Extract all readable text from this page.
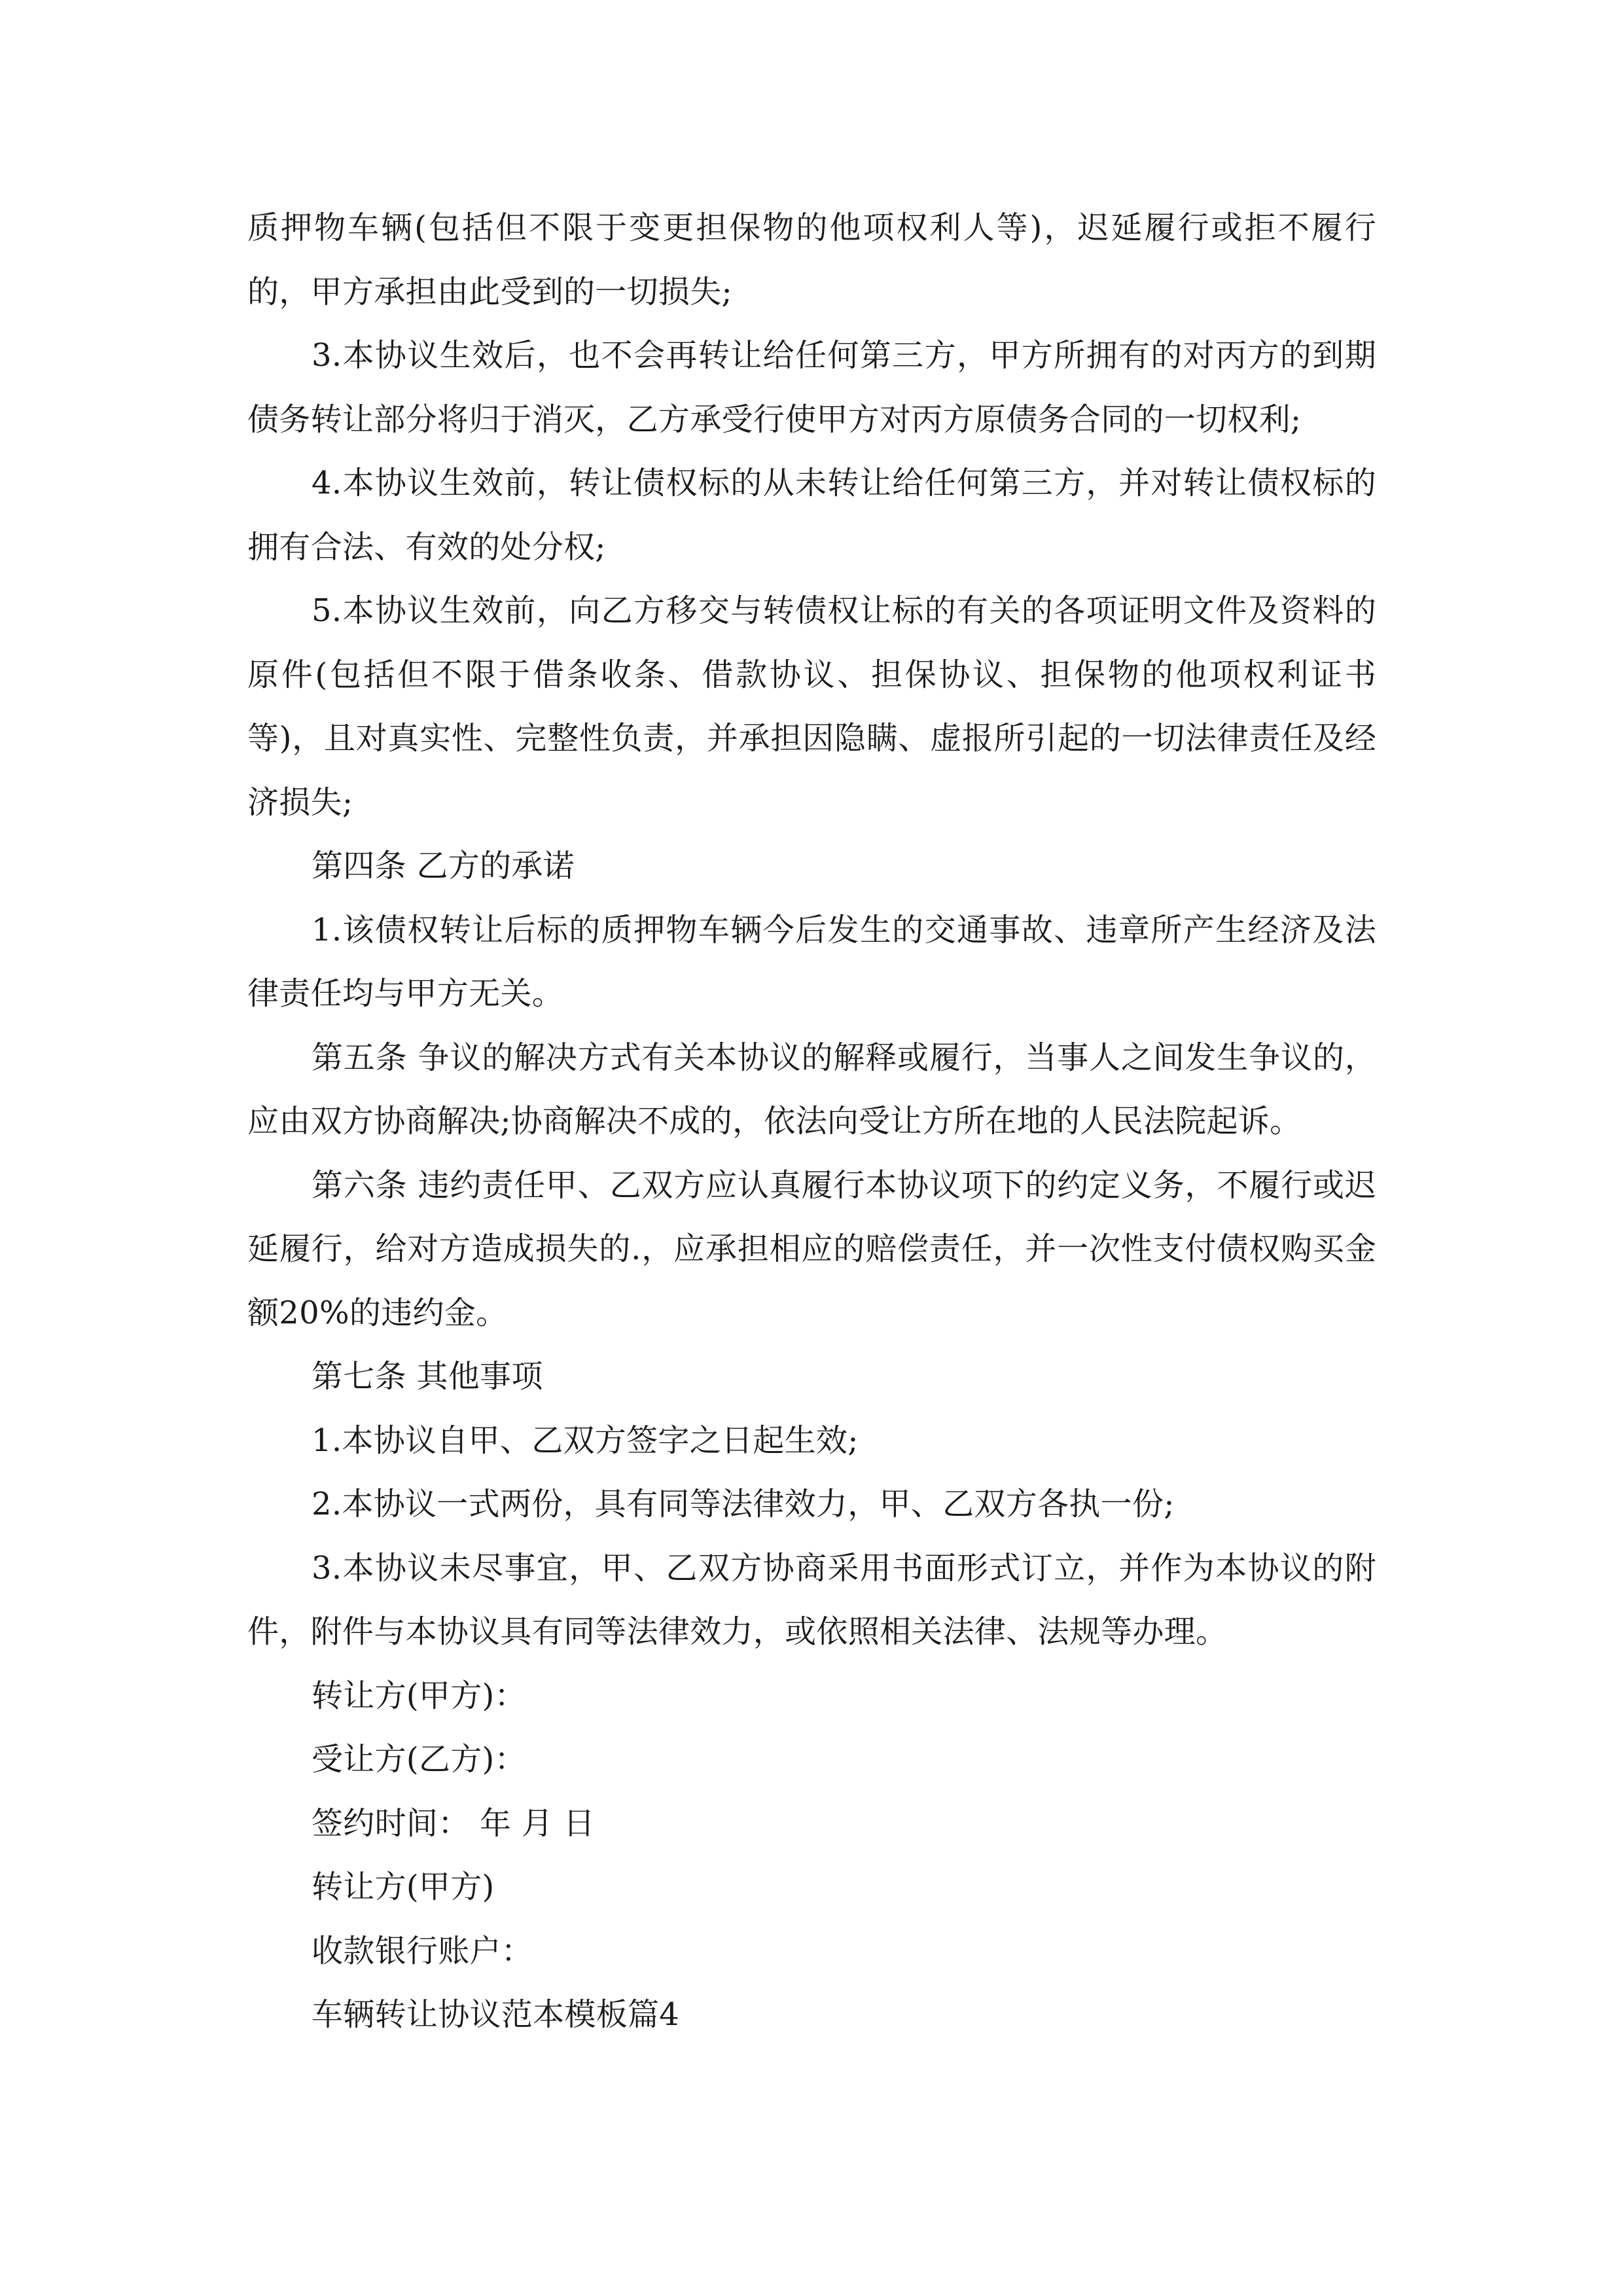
质押物车辆(包括但不限于变更担保物的他项权利人等)，迟延履行或拒不履行的，甲方承担由此受到的一切损失;

3.本协议生效后，也不会再转让给任何第三方，甲方所拥有的对丙方的到期债务转让部分将归于消灭，乙方承受行使甲方对丙方原债务合同的一切权利;

4.本协议生效前，转让债权标的从未转让给任何第三方，并对转让债权标的拥有合法、有效的处分权;

5.本协议生效前，向乙方移交与转债权让标的有关的各项证明文件及资料的原件(包括但不限于借条收条、借款协议、担保协议、担保物的他项权利证书等)，且对真实性、完整性负责，并承担因隐瞒、虚报所引起的一切法律责任及经济损失;

第四条 乙方的承诺

1.该债权转让后标的质押物车辆今后发生的交通事故、违章所产生经济及法律责任均与甲方无关。

第五条 争议的解决方式有关本协议的解释或履行，当事人之间发生争议的，应由双方协商解决;协商解决不成的，依法向受让方所在地的人民法院起诉。

第六条 违约责任甲、乙双方应认真履行本协议项下的约定义务，不履行或迟延履行，给对方造成损失的.，应承担相应的赔偿责任，并一次性支付债权购买金额20%的违约金。

第七条 其他事项

1.本协议自甲、乙双方签字之日起生效;

2.本协议一式两份，具有同等法律效力，甲、乙双方各执一份;

3.本协议未尽事宜，甲、乙双方协商采用书面形式订立，并作为本协议的附件，附件与本协议具有同等法律效力，或依照相关法律、法规等办理。

转让方(甲方)：

受让方(乙方)：

签约时间： 年 月 日

转让方(甲方)

收款银行账户：

车辆转让协议范本模板篇4
